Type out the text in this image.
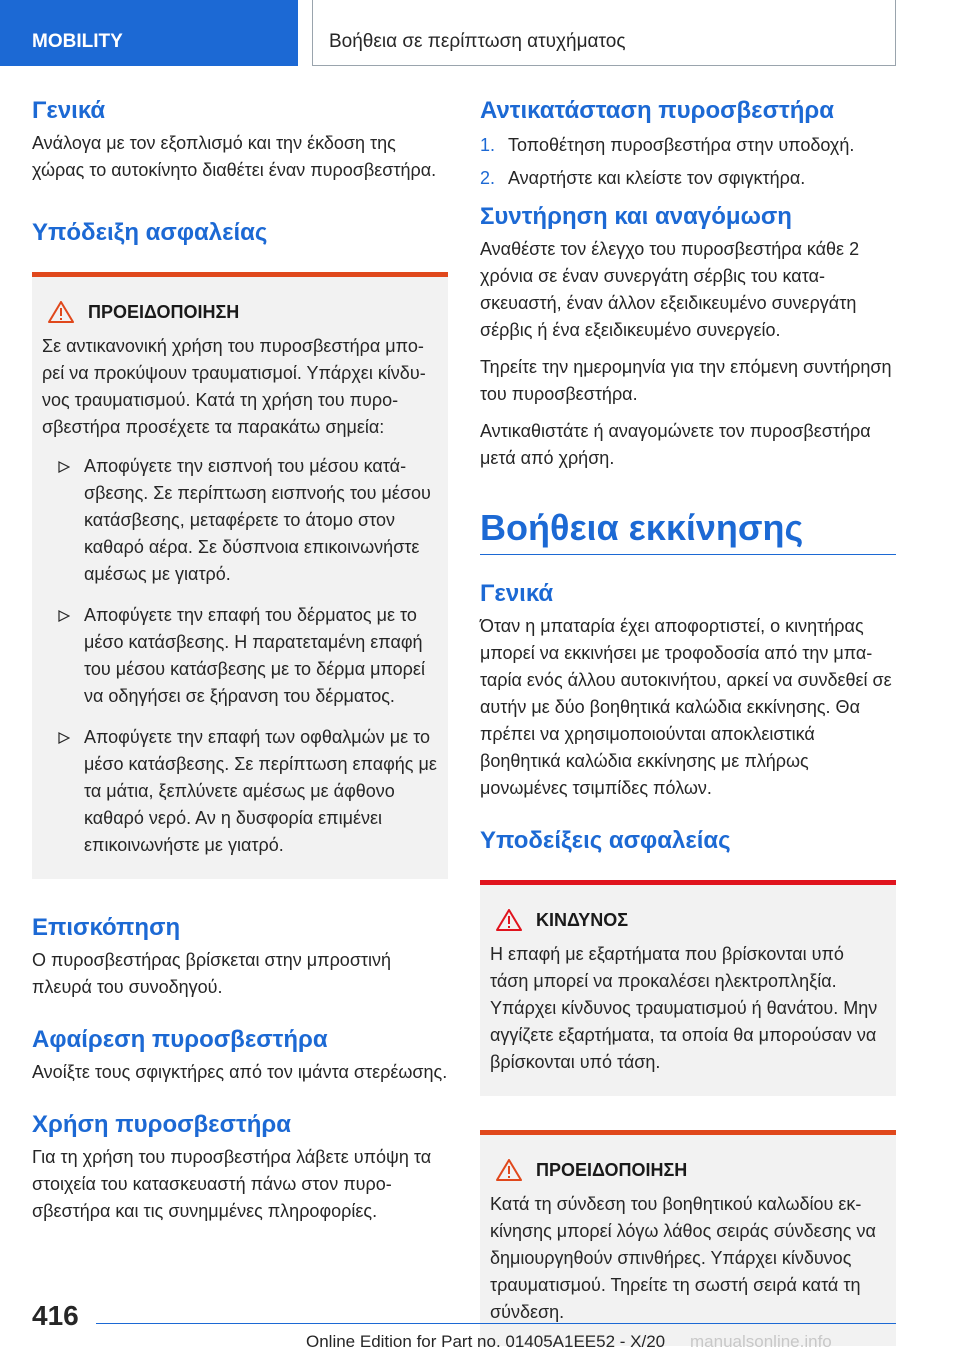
MOBILITY	Βοήθεια σε περίπτωση ατυχήματος
Γενικά

Ανάλογα με τον εξοπλισμό και την έκδοση της χώρας το αυτοκίνητο διαθέτει έναν πυροσβεστήρα.

Υπόδειξη ασφαλείας
ΠΡΟΕΙΔΟΠΟΙΗΣΗ

Σε αντικανονική χρήση του πυροσβεστήρα μπορεί να προκύψουν τραυματισμοί. Υπάρχει κίνδυνος τραυματισμού. Κατά τη χρήση του πυροσβεστήρα προσέχετε τα παρακάτω σημεία:

Αποφύγετε την εισπνοή του μέσου κατάσβεσης. Σε περίπτωση εισπνοής του μέσου κατάσβεσης, μεταφέρετε το άτομο στον καθαρό αέρα. Σε δύσπνοια επικοινωνήστε αμέσως με γιατρό.
Αποφύγετε την επαφή του δέρματος με το μέσο κατάσβεσης. Η παρατεταμένη επαφή του μέσου κατάσβεσης με το δέρμα μπορεί να οδηγήσει σε ξήρανση του δέρματος.
Αποφύγετε την επαφή των οφθαλμών με το μέσο κατάσβεσης. Σε περίπτωση επαφής με τα μάτια, ξεπλύνετε αμέσως με άφθονο καθαρό νερό. Αν η δυσφορία επιμένει επικοινωνήστε με γιατρό.
Επισκόπηση

Ο πυροσβεστήρας βρίσκεται στην μπροστινή πλευρά του συνοδηγού.

Αφαίρεση πυροσβεστήρα

Ανοίξτε τους σφιγκτήρες από τον ιμάντα στερέωσης.

Χρήση πυροσβεστήρα

Για τη χρήση του πυροσβεστήρα λάβετε υπόψη τα στοιχεία του κατασκευαστή πάνω στον πυροσβεστήρα και τις συνημμένες πληροφορίες.

Αντικατάσταση πυροσβεστήρα
1. Τοποθέτηση πυροσβεστήρα στην υποδοχή.
2. Αναρτήστε και κλείστε τον σφιγκτήρα.
Συντήρηση και αναγόμωση

Αναθέστε τον έλεγχο του πυροσβεστήρα κάθε 2 χρόνια σε έναν συνεργάτη σέρβις του κατασκευαστή, έναν άλλον εξειδικευμένο συνεργάτη σέρβις ή ένα εξειδικευμένο συνεργείο.

Τηρείτε την ημερομηνία για την επόμενη συντήρηση του πυροσβεστήρα.

Αντικαθιστάτε ή αναγομώνετε τον πυροσβεστήρα μετά από χρήση.

Βοήθεια εκκίνησης
Γενικά

Όταν η μπαταρία έχει αποφορτιστεί, ο κινητήρας μπορεί να εκκινήσει με τροφοδοσία από την μπαταρία ενός άλλου αυτοκινήτου, αρκεί να συνδεθεί σε αυτήν με δύο βοηθητικά καλώδια εκκίνησης. Θα πρέπει να χρησιμοποιούνται αποκλειστικά βοηθητικά καλώδια εκκίνησης με πλήρως μονωμένες τσιμπίδες πόλων.

Υποδείξεις ασφαλείας
ΚΙΝΔΥΝΟΣ

Η επαφή με εξαρτήματα που βρίσκονται υπό τάση μπορεί να προκαλέσει ηλεκτροπληξία. Υπάρχει κίνδυνος τραυματισμού ή θανάτου. Μην αγγίζετε εξαρτήματα, τα οποία θα μπορούσαν να βρίσκονται υπό τάση.

ΠΡΟΕΙΔΟΠΟΙΗΣΗ

Κατά τη σύνδεση του βοηθητικού καλωδίου εκκίνησης μπορεί λόγω λάθος σειράς σύνδεσης να δημιουργηθούν σπινθήρες. Υπάρχει κίνδυνος τραυματισμού. Τηρείτε τη σωστή σειρά κατά τη σύνδεση.

416
Online Edition for Part no. 01405A1EE52 - X/20 manualsonline.info
